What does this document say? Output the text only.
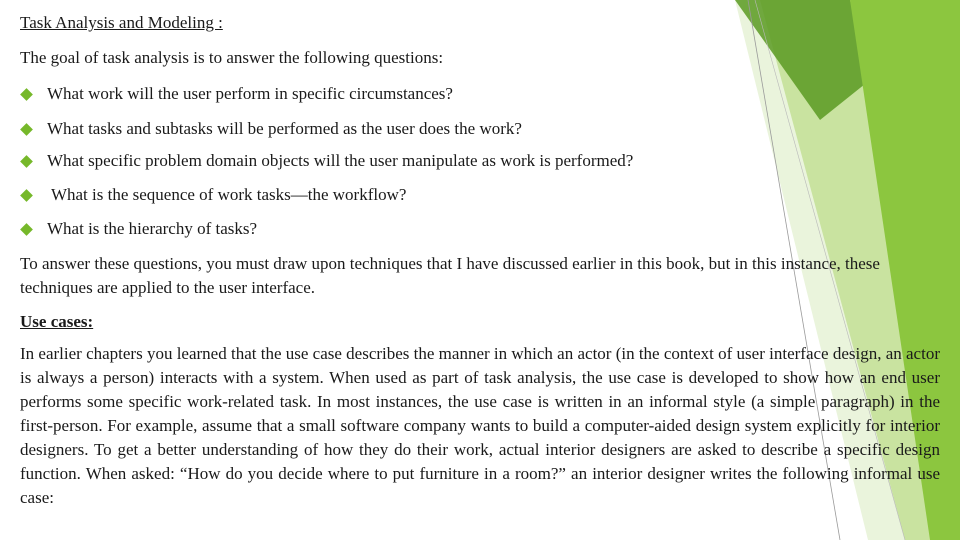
Task Analysis and Modeling :
The goal of task analysis is to answer the following questions:
What work will the user perform in specific circumstances?
What tasks and subtasks will be performed as the user does the work?
What specific problem domain objects will the user manipulate as work is performed?
What is the sequence of work tasks—the workflow?
What is the hierarchy of tasks?

To answer these questions, you must draw upon techniques that I have discussed earlier in this book, but in this instance, these techniques are applied to the user interface.

Use cases:

In earlier chapters you learned that the use case describes the manner in which an actor (in the context of user interface design, an actor is always a person) interacts with a system. When used as part of task analysis, the use case is developed to show how an end user performs some specific work-related task. In most instances, the use case is written in an informal style (a simple paragraph) in the first-person. For example, assume that a small software company wants to build a computer-aided design system explicitly for interior designers. To get a better understanding of how they do their work, actual interior designers are asked to describe a specific design function. When asked: “How do you decide where to put furniture in a room?” an interior designer writes the following informal use case:
